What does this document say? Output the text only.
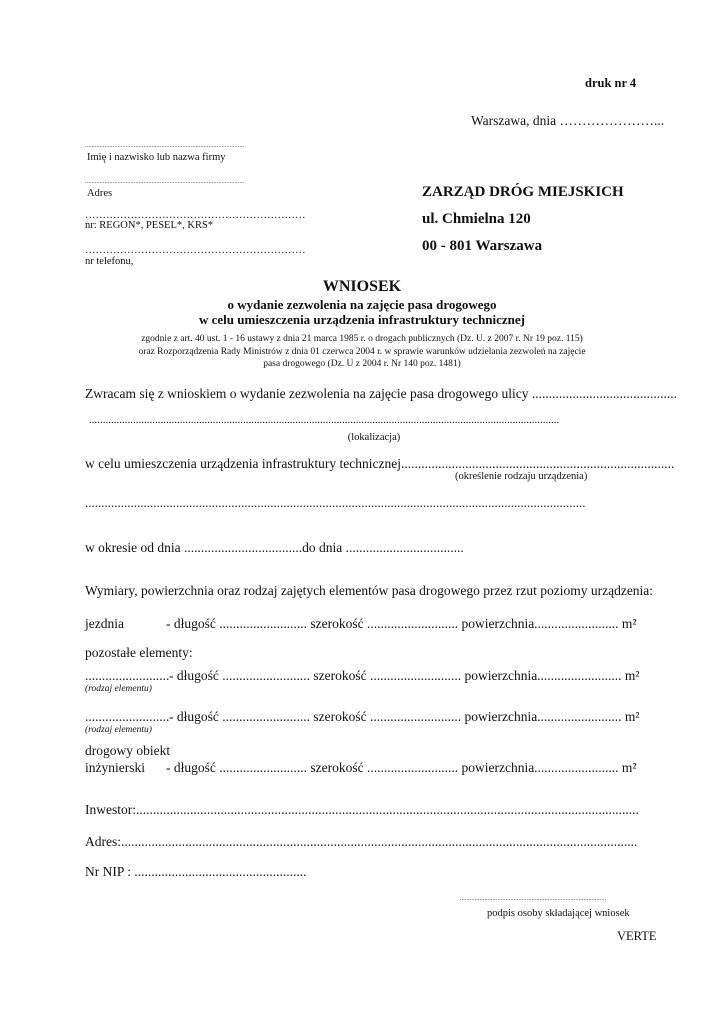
druk nr 4
Warszawa, dnia …………………...
..................................................................................................
Imię i nazwisko lub nazwa firmy
..................................................................................................
Adres
………………………………………………………
nr: REGON*, PESEL*, KRS*
………………………………………………………
nr telefonu,
ZARZĄD DRÓG MIEJSKICH
ul. Chmielna 120
00 - 801 Warszawa
WNIOSEK
o wydanie zezwolenia na zajęcie pasa drogowego
w celu umieszczenia urządzenia infrastruktury technicznej
zgodnie z art. 40 ust. 1 - 16 ustawy z dnia 21 marca 1985 r. o drogach publicznych (Dz. U. z 2007 r. Nr 19 poz. 115)
oraz Rozporządzenia Rady Ministrów z dnia 01 czerwca 2004 r. w sprawie warunków udzielania zezwoleń na zajęcie
pasa drogowego (Dz. U z 2004 r. Nr 140 poz. 1481)
Zwracam się z wnioskiem o wydanie zezwolenia na zajęcie pasa drogowego ulicy ...........................................
...........................................................................................................................................................................
(lokalizacja)
w celu umieszczenia urządzenia infrastruktury technicznej.................................................................................
(określenie rodzaju urządzenia)
..........................................................................................................................................................
w okresie od dnia ...................................do dnia ...................................
Wymiary, powierzchnia oraz rodzaj zajętych elementów pasa drogowego przez rzut poziomy urządzenia:
jezdnia	- długość .......................... szerokość ........................... powierzchnia......................... m²
pozostałe elementy:
......................... - długość .......................... szerokość ........................... powierzchnia......................... m²
(rodzaj elementu)
......................... - długość .......................... szerokość ........................... powierzchnia......................... m²
(rodzaj elementu)
drogowy obiekt
inżynierski - długość .......................... szerokość ........................... powierzchnia......................... m²
Inwestor:.....................................................................................................................................................
Adres:.........................................................................................................................................................
Nr NIP : ...................................................
..........................................................................................
podpis osoby składającej wniosek
VERTE
